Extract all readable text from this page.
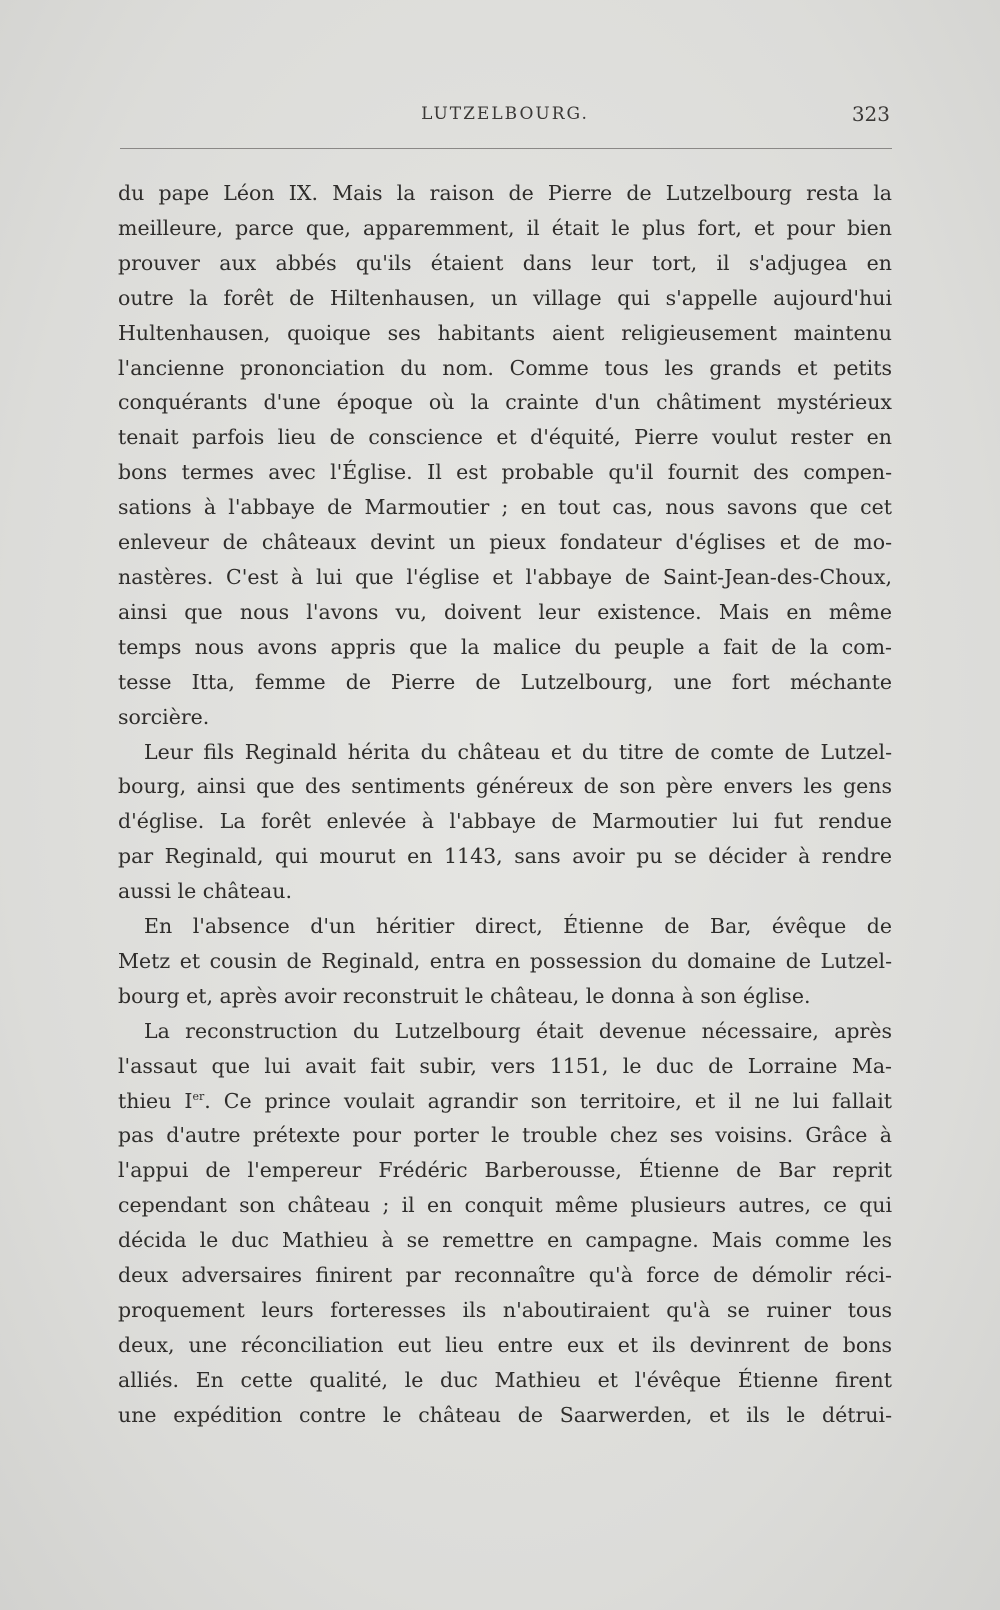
LUTZELBOURG.	323

du pape Léon IX. Mais la raison de Pierre de Lutzelbourg resta la
meilleure, parce que, apparemment, il était le plus fort, et pour bien
prouver aux abbés qu'ils étaient dans leur tort, il s'adjugea en
outre la forêt de Hiltenhausen, un village qui s'appelle aujourd'hui
Hultenhausen, quoique ses habitants aient religieusement maintenu
l'ancienne prononciation du nom. Comme tous les grands et petits
conquérants d'une époque où la crainte d'un châtiment mystérieux
tenait parfois lieu de conscience et d'équité, Pierre voulut rester en
bons termes avec l'Église. Il est probable qu'il fournit des compen-
sations à l'abbaye de Marmoutier ; en tout cas, nous savons que cet
enleveur de châteaux devint un pieux fondateur d'églises et de mo-
nastères. C'est à lui que l'église et l'abbaye de Saint-Jean-des-Choux,
ainsi que nous l'avons vu, doivent leur existence. Mais en même
temps nous avons appris que la malice du peuple a fait de la com-
tesse Itta, femme de Pierre de Lutzelbourg, une fort méchante
sorcière.

Leur fils Reginald hérita du château et du titre de comte de Lutzel-
bourg, ainsi que des sentiments généreux de son père envers les gens
d'église. La forêt enlevée à l'abbaye de Marmoutier lui fut rendue
par Reginald, qui mourut en 1143, sans avoir pu se décider à rendre
aussi le château.

En l'absence d'un héritier direct, Étienne de Bar, évêque de
Metz et cousin de Reginald, entra en possession du domaine de Lutzel-
bourg et, après avoir reconstruit le château, le donna à son église.

La reconstruction du Lutzelbourg était devenue nécessaire, après
l'assaut que lui avait fait subir, vers 1151, le duc de Lorraine Ma-
thieu Ier. Ce prince voulait agrandir son territoire, et il ne lui fallait
pas d'autre prétexte pour porter le trouble chez ses voisins. Grâce à
l'appui de l'empereur Frédéric Barberousse, Étienne de Bar reprit
cependant son château ; il en conquit même plusieurs autres, ce qui
décida le duc Mathieu à se remettre en campagne. Mais comme les
deux adversaires finirent par reconnaître qu'à force de démolir réci-
proquement leurs forteresses ils n'aboutiraient qu'à se ruiner tous
deux, une réconciliation eut lieu entre eux et ils devinrent de bons
alliés. En cette qualité, le duc Mathieu et l'évêque Étienne firent
une expédition contre le château de Saarwerden, et ils le détrui-
